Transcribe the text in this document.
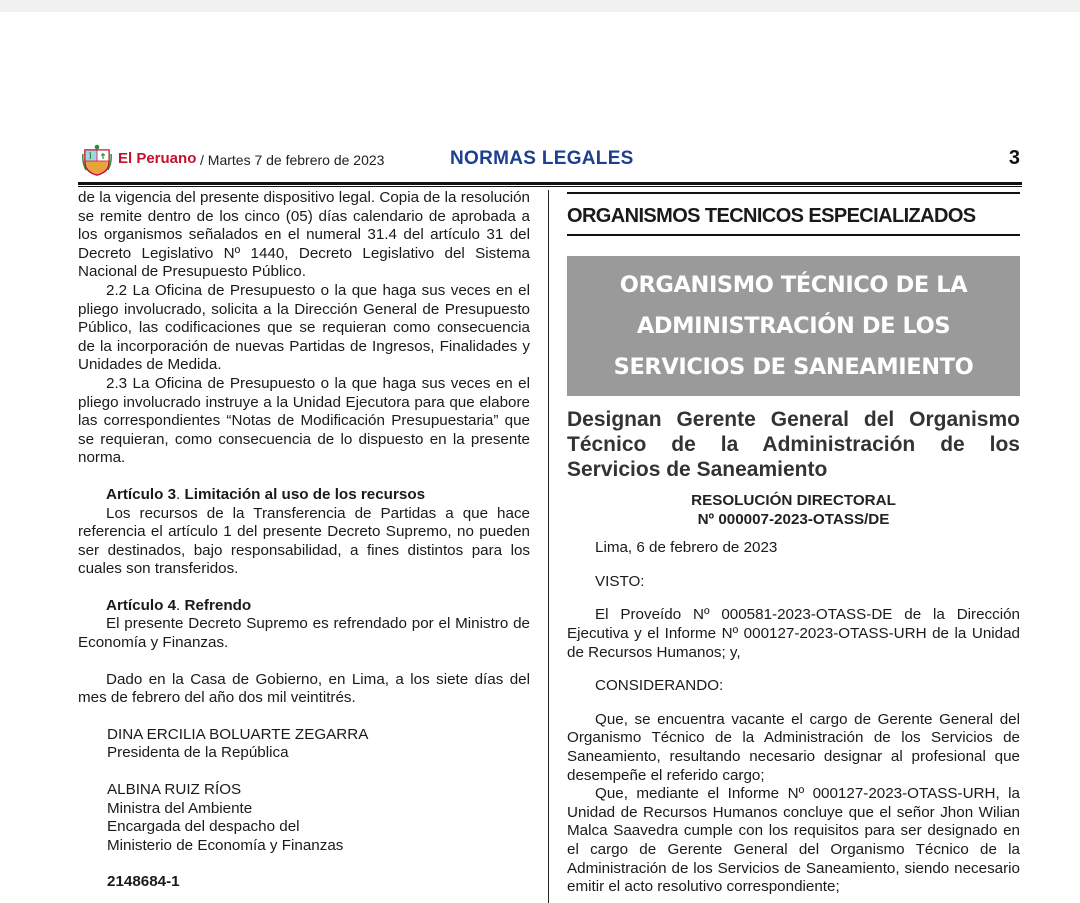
El Peruano / Martes 7 de febrero de 2023	NORMAS LEGALES	3

de la vigencia del presente dispositivo legal. Copia de la resolución se remite dentro de los cinco (05) días calendario de aprobada a los organismos señalados en el numeral 31.4 del artículo 31 del Decreto Legislativo Nº 1440, Decreto Legislativo del Sistema Nacional de Presupuesto Público.

2.2 La Oficina de Presupuesto o la que haga sus veces en el pliego involucrado, solicita a la Dirección General de Presupuesto Público, las codificaciones que se requieran como consecuencia de la incorporación de nuevas Partidas de Ingresos, Finalidades y Unidades de Medida.

2.3 La Oficina de Presupuesto o la que haga sus veces en el pliego involucrado instruye a la Unidad Ejecutora para que elabore las correspondientes “Notas de Modificación Presupuestaria” que se requieran, como consecuencia de lo dispuesto en la presente norma.

Artículo 3. Limitación al uso de los recursos

Los recursos de la Transferencia de Partidas a que hace referencia el artículo 1 del presente Decreto Supremo, no pueden ser destinados, bajo responsabilidad, a fines distintos para los cuales son transferidos.

Artículo 4. Refrendo

El presente Decreto Supremo es refrendado por el Ministro de Economía y Finanzas.

Dado en la Casa de Gobierno, en Lima, a los siete días del mes de febrero del año dos mil veintitrés.

DINA ERCILIA BOLUARTE ZEGARRA

Presidenta de la República

ALBINA RUIZ RÍOS

Ministra del Ambiente

Encargada del despacho del

Ministerio de Economía y Finanzas

2148684-1

ORGANISMOS TECNICOS ESPECIALIZADOS
ORGANISMO TÉCNICO DE LA
ADMINISTRACIÓN DE LOS
SERVICIOS DE SANEAMIENTO
Designan Gerente General del Organismo Técnico de la Administración de los Servicios de Saneamiento
RESOLUCIÓN DIRECTORAL
Nº 000007-2023-OTASS/DE

Lima, 6 de febrero de 2023

VISTO:

El Proveído Nº 000581-2023-OTASS-DE de la Dirección Ejecutiva y el Informe Nº 000127-2023-OTASS-URH de la Unidad de Recursos Humanos; y,

CONSIDERANDO:

Que, se encuentra vacante el cargo de Gerente General del Organismo Técnico de la Administración de los Servicios de Saneamiento, resultando necesario designar al profesional que desempeñe el referido cargo;

Que, mediante el Informe Nº 000127-2023-OTASS-URH, la Unidad de Recursos Humanos concluye que el señor Jhon Wilian Malca Saavedra cumple con los requisitos para ser designado en el cargo de Gerente General del Organismo Técnico de la Administración de los Servicios de Saneamiento, siendo necesario emitir el acto resolutivo correspondiente;
